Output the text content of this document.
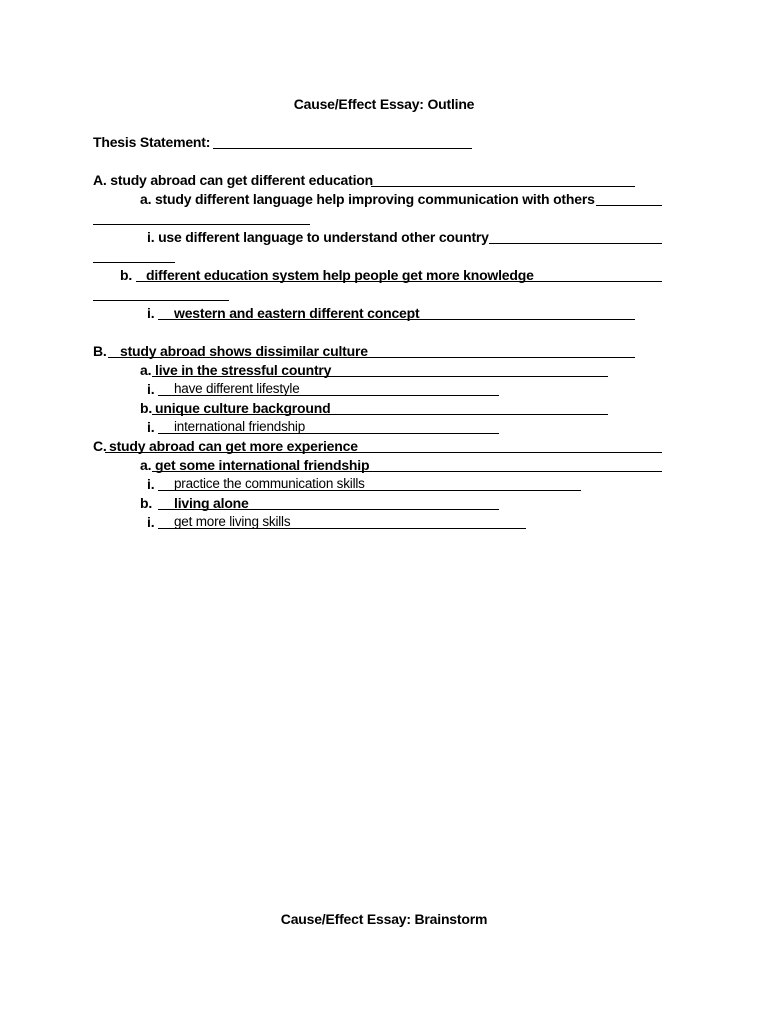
Cause/Effect Essay: Outline
Thesis Statement:
A. study abroad can get different education
a. study different language help improving communication with others
i. use different language to understand other country
b. different education system help people get more knowledge
i. western and eastern different concept
B. study abroad shows dissimilar culture
a. live in the stressful country
i. have different lifestyle
b. unique culture background
i. international friendship
C. study abroad can get more experience
a. get some international friendship
i. practice the communication skills
b. living alone
i. get more living skills
Cause/Effect Essay: Brainstorm
